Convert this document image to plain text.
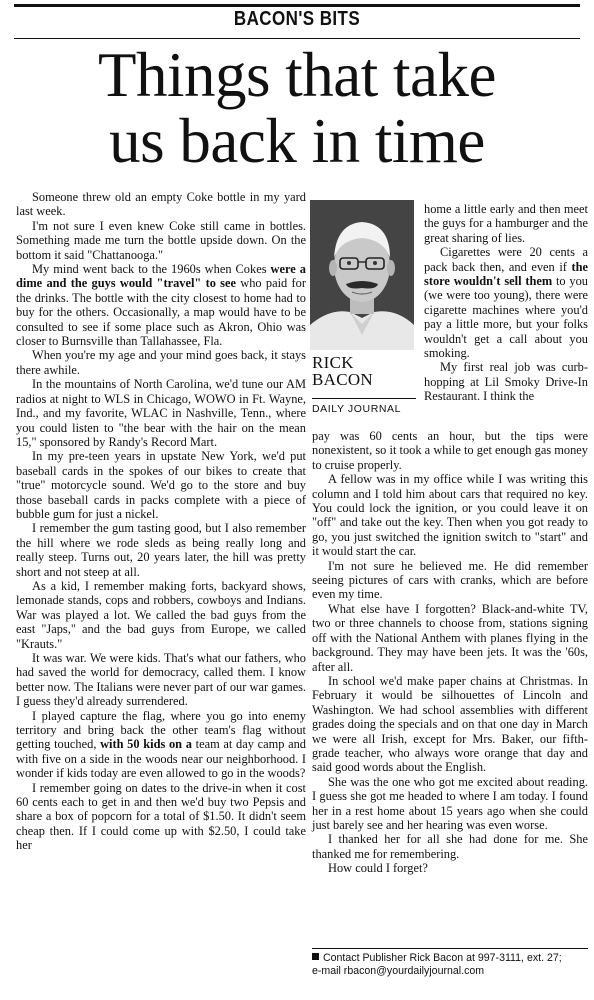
BACON'S BITS
Things that take
us back in time

Someone threw old an empty Coke bottle in my yard last week.

I'm not sure I even knew Coke still came in bottles. Something made me turn the bottle upside down. On the bottom it said "Chattanooga."

My mind went back to the 1960s when Cokes were a dime and the guys would "travel" to see who paid for the drinks. The bottle with the city closest to home had to buy for the others. Occasionally, a map would have to be consulted to see if some place such as Akron, Ohio was closer to Burnsville than Tallahassee, Fla.

When you're my age and your mind goes back, it stays there awhile.

In the mountains of North Carolina, we'd tune our AM radios at night to WLS in Chicago, WOWO in Ft. Wayne, Ind., and my favorite, WLAC in Nashville, Tenn., where you could listen to "the bear with the hair on the mean 15," sponsored by Randy's Record Mart.

In my pre-teen years in upstate New York, we'd put baseball cards in the spokes of our bikes to create that "true" motorcycle sound. We'd go to the store and buy those baseball cards in packs complete with a piece of bubble gum for just a nickel.

I remember the gum tasting good, but I also remember the hill where we rode sleds as being really long and really steep. Turns out, 20 years later, the hill was pretty short and not steep at all.

As a kid, I remember making forts, backyard shows, lemonade stands, cops and robbers, cowboys and Indians. War was played a lot. We called the bad guys from the east "Japs," and the bad guys from Europe, we called "Krauts."

It was war. We were kids. That's what our fathers, who had saved the world for democracy, called them. I know better now. The Italians were never part of our war games. I guess they'd already surrendered.

I played capture the flag, where you go into enemy territory and bring back the other team's flag without getting touched, with 50 kids on a team at day camp and with five on a side in the woods near our neighborhood. I wonder if kids today are even allowed to go in the woods?

I remember going on dates to the drive-in when it cost 60 cents each to get in and then we'd buy two Pepsis and share a box of popcorn for a total of $1.50. It didn't seem cheap then. If I could come up with $2.50, I could take her

RICK
BACON
DAILY JOURNAL

home a little early and then meet the guys for a hamburger and the great sharing of lies.

Cigarettes were 20 cents a pack back then, and even if the store wouldn't sell them to you (we were too young), there were cigarette machines where you'd pay a little more, but your folks wouldn't get a call about you smoking.

My first real job was curb-hopping at Lil Smoky Drive-In Restaurant. I think the

pay was 60 cents an hour, but the tips were nonexistent, so it took a while to get enough gas money to cruise properly.

A fellow was in my office while I was writing this column and I told him about cars that required no key. You could lock the ignition, or you could leave it on "off" and take out the key. Then when you got ready to go, you just switched the ignition switch to "start" and it would start the car.

I'm not sure he believed me. He did remember seeing pictures of cars with cranks, which are before even my time.

What else have I forgotten? Black-and-white TV, two or three channels to choose from, stations signing off with the National Anthem with planes flying in the background. They may have been jets. It was the '60s, after all.

In school we'd make paper chains at Christmas. In February it would be silhouettes of Lincoln and Washington. We had school assemblies with different grades doing the specials and on that one day in March we were all Irish, except for Mrs. Baker, our fifth-grade teacher, who always wore orange that day and said good words about the English.

She was the one who got me excited about reading. I guess she got me headed to where I am today. I found her in a rest home about 15 years ago when she could just barely see and her hearing was even worse.

I thanked her for all she had done for me. She thanked me for remembering.

How could I forget?

Contact Publisher Rick Bacon at 997-3111, ext. 27;
e-mail rbacon@yourdailyjournal.com
